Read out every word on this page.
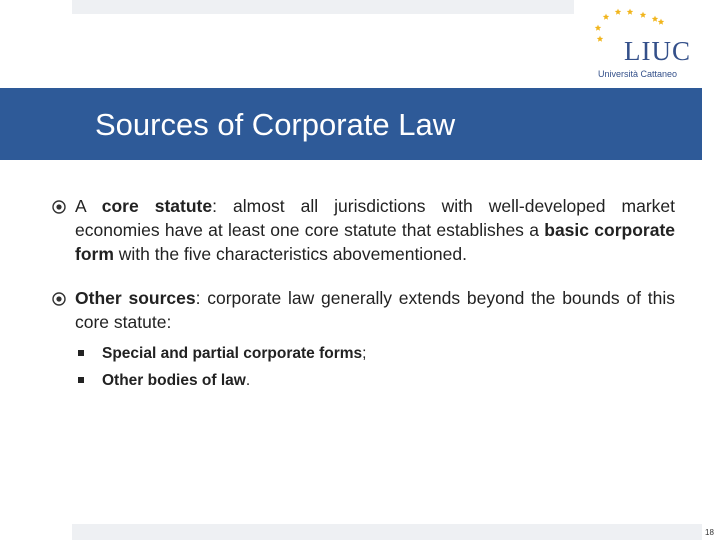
LIUC
Università Cattaneo
Sources of Corporate Law
A core statute: almost all jurisdictions with well-developed market economies have at least one core statute that establishes a basic corporate form with the five characteristics abovementioned.
Other sources: corporate law generally extends beyond the bounds of this core statute:
Special and partial corporate forms;
Other bodies of law.
18
